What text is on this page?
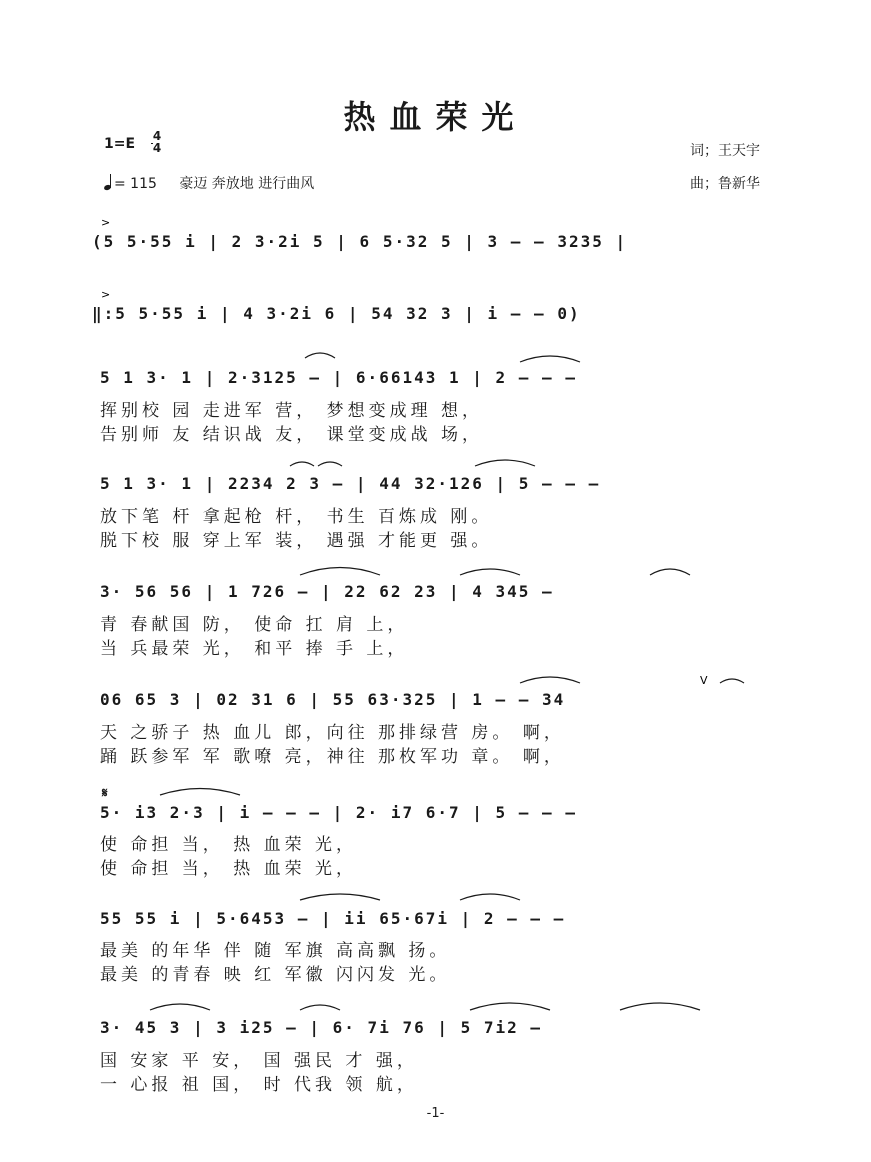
热血荣光
1=E 4
4
= 115 豪迈 奔放地 进行曲风
词；王天宇
曲；鲁新华
(5 5·55 i | 2 3·2i 5 | 6 5·32 5 | 3 – – 3235 |
‖:5 5·55 i | 4 3·2i 6 | 54 32 3 | i – – 0)
5 1 3· 1 | 2·3125 – | 6·66143 1 | 2 – – –
挥别校 园 走进军 营， 梦想变成理 想，
告别师 友 结识战 友， 课堂变成战 场，
5 1 3· 1 | 2234 2 3 – | 44 32·126 | 5 – – –
放下笔 杆 拿起枪 杆， 书生 百炼成 刚。
脱下校 服 穿上军 装， 遇强 才能更 强。
3· 56 56 | 1 726 – | 22 62 23 | 4 345 –
青 春献国 防， 使命 扛 肩 上，
当 兵最荣 光， 和平 捧 手 上，
06 65 3 | 02 31 6 | 55 63·325 | 1 – – 34
天 之骄子 热 血儿 郎，向往 那排绿营 房。 啊，
踊 跃参军 军 歌嘹 亮，神往 那枚军功 章。 啊，
𝄋
5· i3 2·3 | i – – – | 2· i7 6·7 | 5 – – –
使 命担 当， 热 血荣 光，
使 命担 当， 热 血荣 光，
55 55 i | 5·6453 – | ii 65·67i | 2 – – –
最美 的年华 伴 随 军旗 高高飘 扬。
最美 的青春 映 红 军徽 闪闪发 光。
3· 45 3 | 3 i25 – | 6· 7i 76 | 5 7i2 –
国 安家 平 安， 国 强民 才 强，
一 心报 祖 国， 时 代我 领 航，
>
>
V
-1-
